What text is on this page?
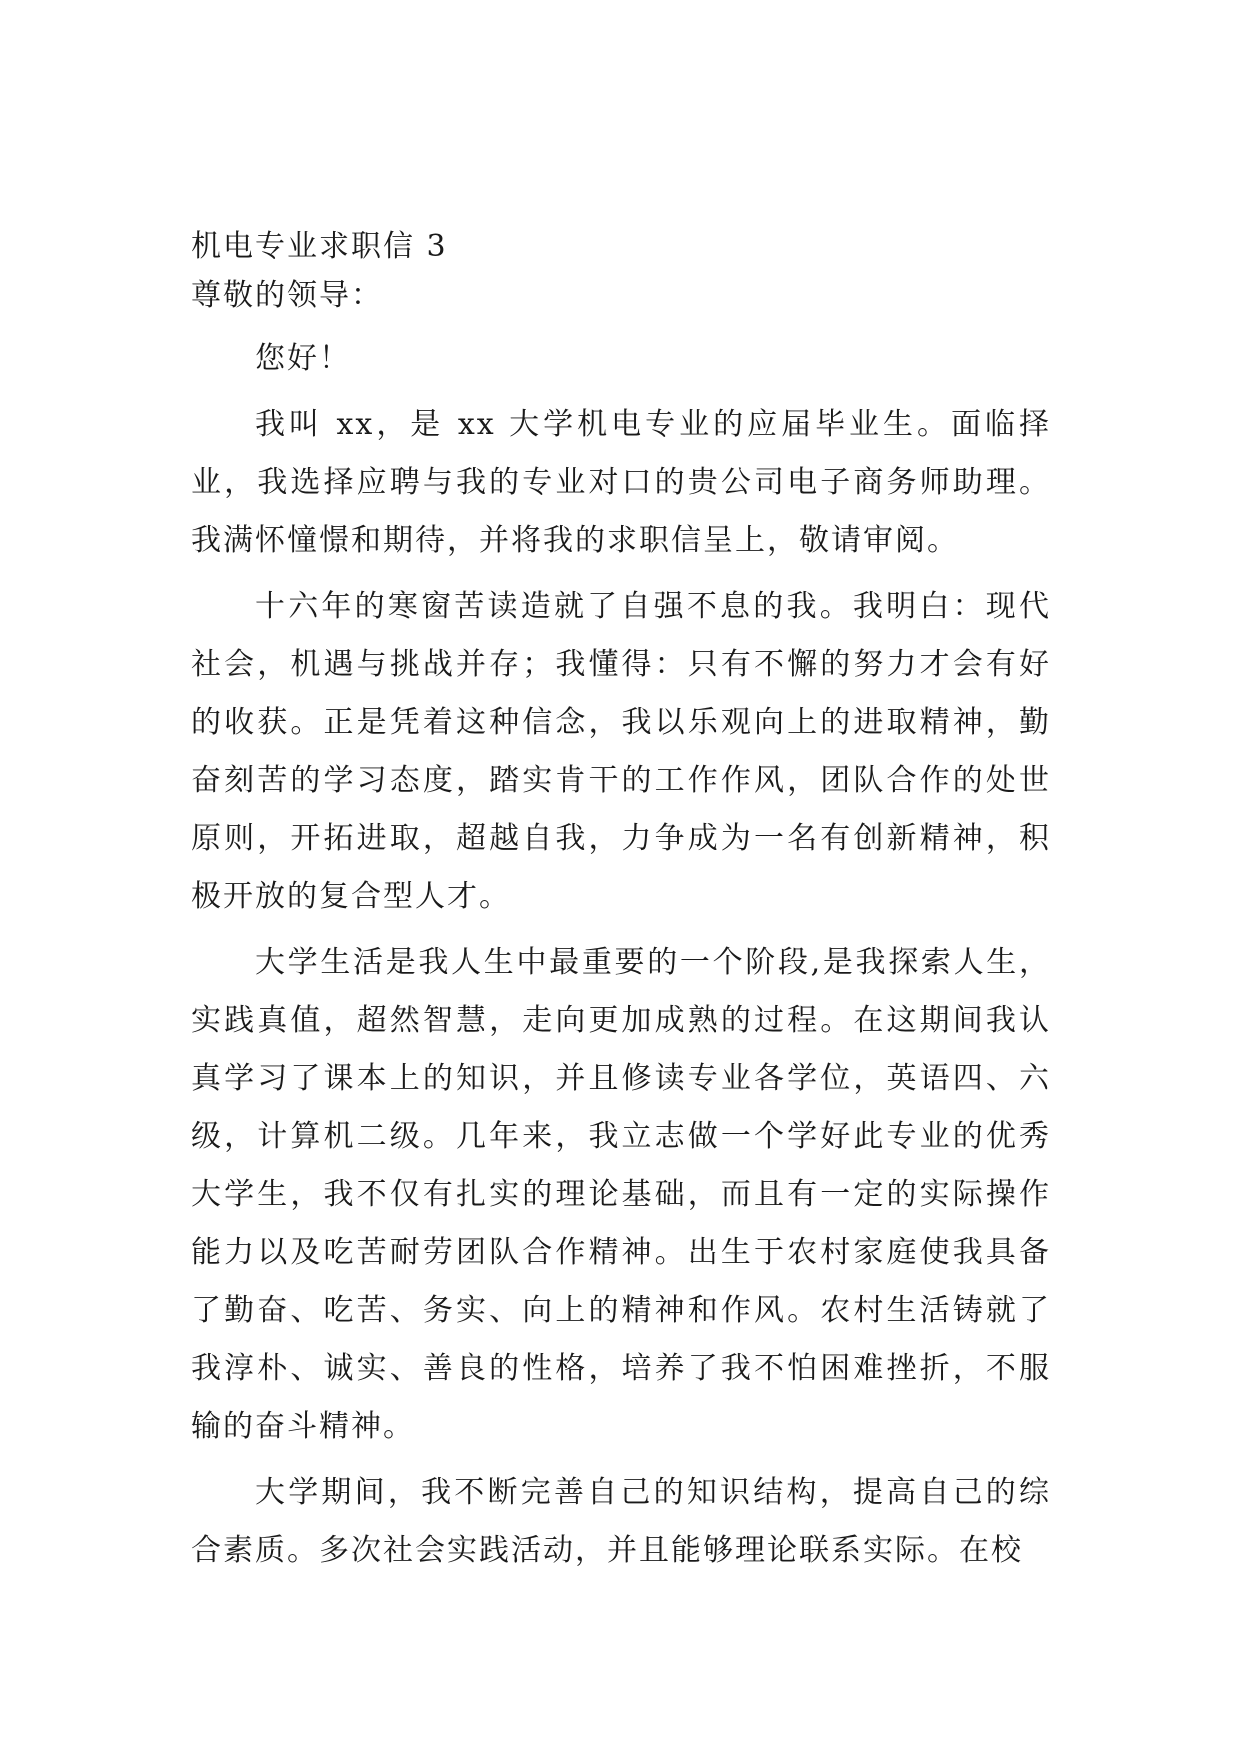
机电专业求职信 3

尊敬的领导：

您好！

我叫 xx，是 xx 大学机电专业的应届毕业生。面临择业，我选择应聘与我的专业对口的贵公司电子商务师助理。我满怀憧憬和期待，并将我的求职信呈上，敬请审阅。

十六年的寒窗苦读造就了自强不息的我。我明白：现代社会，机遇与挑战并存；我懂得：只有不懈的努力才会有好的收获。正是凭着这种信念，我以乐观向上的进取精神，勤奋刻苦的学习态度，踏实肯干的工作作风，团队合作的处世原则，开拓进取，超越自我，力争成为一名有创新精神，积极开放的复合型人才。

大学生活是我人生中最重要的一个阶段,是我探索人生，实践真值，超然智慧，走向更加成熟的过程。在这期间我认真学习了课本上的知识，并且修读专业各学位，英语四、六级，计算机二级。几年来，我立志做一个学好此专业的优秀大学生，我不仅有扎实的理论基础，而且有一定的实际操作能力以及吃苦耐劳团队合作精神。出生于农村家庭使我具备了勤奋、吃苦、务实、向上的精神和作风。农村生活铸就了我淳朴、诚实、善良的性格，培养了我不怕困难挫折，不服输的奋斗精神。

大学期间，我不断完善自己的知识结构，提高自己的综合素质。多次社会实践活动，并且能够理论联系实际。在校
